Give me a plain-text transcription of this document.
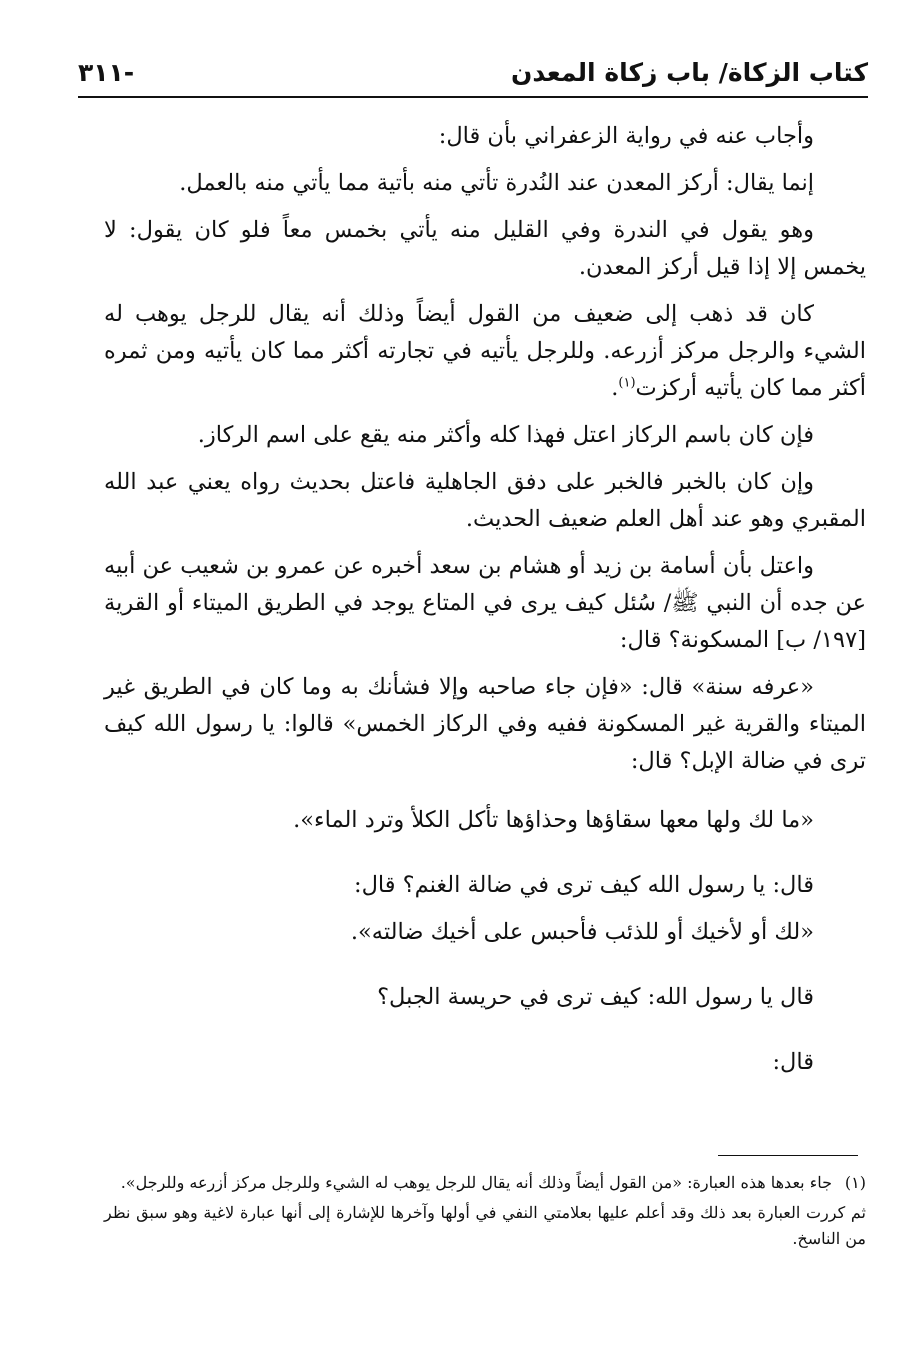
كتاب الزكاة/ باب زكاة المعدن
-٣١١

وأجاب عنه في رواية الزعفراني بأن قال:

إنما يقال: أركز المعدن عند النُدرة تأتي منه بأتية مما يأتي منه بالعمل.

وهو يقول في الندرة وفي القليل منه يأتي بخمس معاً فلو كان يقول: لا يخمس إلا إذا قيل أركز المعدن.

كان قد ذهب إلى ضعيف من القول أيضاً وذلك أنه يقال للرجل يوهب له الشيء والرجل مركز أزرعه. وللرجل يأتيه في تجارته أكثر مما كان يأتيه ومن ثمره أكثر مما كان يأتيه أركزت$^{(١)}$.

فإن كان باسم الركاز اعتل فهذا كله وأكثر منه يقع على اسم الركاز.

وإن كان بالخبر فالخبر على دفق الجاهلية فاعتل بحديث رواه يعني عبد الله المقبري وهو عند أهل العلم ضعيف الحديث.

واعتل بأن أسامة بن زيد أو هشام بن سعد أخبره عن عمرو بن شعيب عن أبيه عن جده أن النبي ﷺ/ سُئل كيف يرى في المتاع يوجد في الطريق الميتاء أو القرية [١٩٧/ ب] المسكونة؟ قال:

«عرفه سنة» قال: «فإن جاء صاحبه وإلا فشأنك به وما كان في الطريق غير الميتاء والقرية غير المسكونة ففيه وفي الركاز الخمس» قالوا: يا رسول الله كيف ترى في ضالة الإبل؟ قال:

«ما لك ولها معها سقاؤها وحذاؤها تأكل الكلأ وترد الماء».

قال: يا رسول الله كيف ترى في ضالة الغنم؟ قال:

«لك أو لأخيك أو للذئب فأحبس على أخيك ضالته».

قال يا رسول الله: كيف ترى في حريسة الجبل؟

قال:

(١)جاء بعدها هذه العبارة: «من القول أيضاً وذلك أنه يقال للرجل يوهب له الشيء وللرجل مركز أزرعه وللرجل».

ثم كررت العبارة بعد ذلك وقد أعلم عليها بعلامتي النفي في أولها وآخرها للإشارة إلى أنها عبارة لاغية وهو سبق نظر من الناسخ.
